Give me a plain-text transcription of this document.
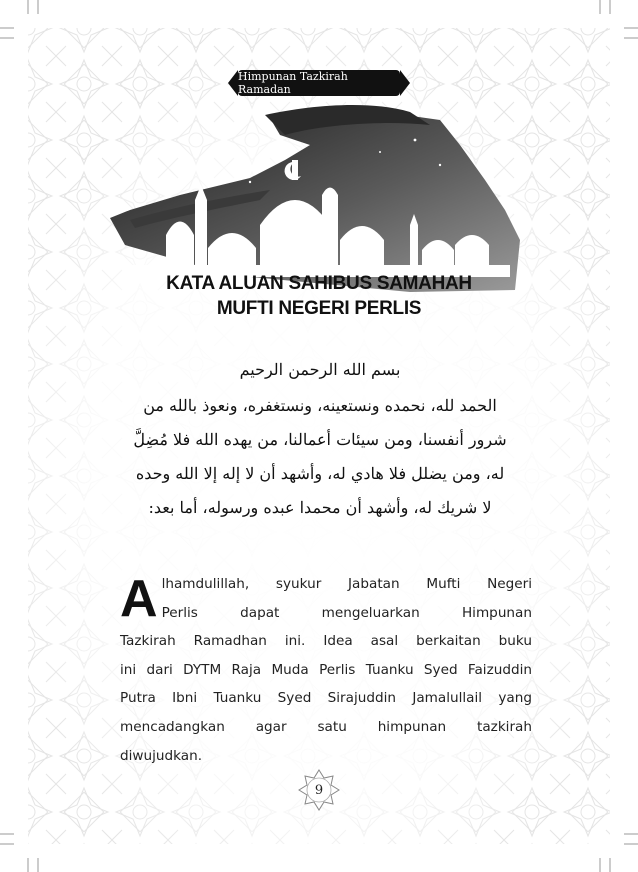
Himpunan Tazkirah Ramadan
KATA ALUAN SAHIBUS SAMAHAH
MUFTI NEGERI PERLIS
بسم الله الرحمن الرحيم
الحمد لله، نحمده ونستعينه، ونستغفره، ونعوذ بالله من
شرور أنفسنا، ومن سيئات أعمالنا، من يهده الله فلا مُضِلَّ
له، ومن يضلل فلا هادي له، وأشهد أن لا إله إلا الله وحده
لا شريك له، وأشهد أن محمدا عبده ورسوله، أما بعد:
A lhamdulillah, syukur Jabatan Mufti Negeri
Perlis dapat mengeluarkan Himpunan
Tazkirah Ramadhan ini. Idea asal berkaitan buku
ini dari DYTM Raja Muda Perlis Tuanku Syed Faizuddin
Putra Ibni Tuanku Syed Sirajuddin Jamalullail yang
mencadangkan agar satu himpunan tazkirah
diwujudkan.
9
